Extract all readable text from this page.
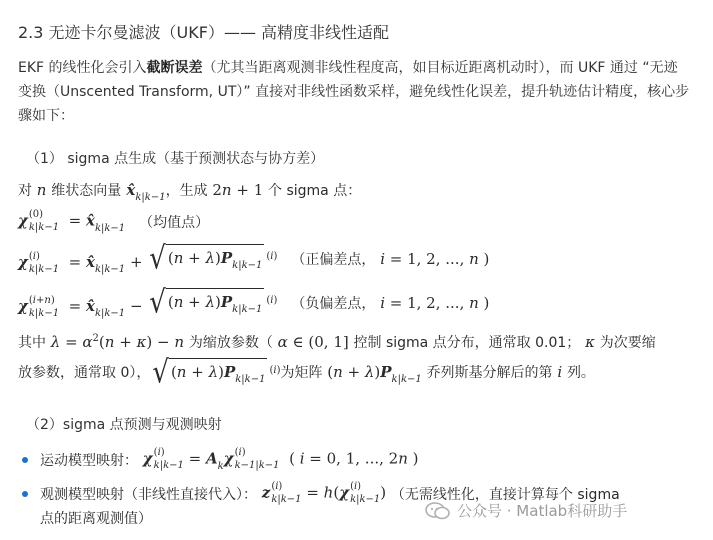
2.3 无迹卡尔曼滤波（UKF）—— 高精度非线性适配
EKF 的线性化会引入截断误差（尤其当距离观测非线性程度高，如目标近距离机动时），而 UKF 通过 “无迹变换（Unscented Transform, UT）” 直接对非线性函数采样，避免线性化误差，提升轨迹估计精度，核心步骤如下：
（1） sigma 点生成（基于预测状态与协方差）
对 n 维状态向量 $x̂_{k|k-1}$ ，生成 2n + 1 个 sigma 点：
χ (0)
$k|k-1 = x̂_{k|k-1}$ （均值点）
χ (i)
$k|k-1 = x̂_{k|k-1}$ + √ $(n + \lambda)P_{k|k-1}$
$^{(i)}$ （正偏差点， i = 1, 2, ..., n )
χ (i+n)
$k|k-1 = x̂_{k|k-1}$ − √ $(n + \lambda)P_{k|k-1}$
$^{(i)}$ （负偏差点， i = 1, 2, ..., n )
其中 $\lambda = \alpha^2(n + \kappa) - n$ 为缩放参数（ α ∈ (0, 1] 控制 sigma 点分布，通常取 0.01； κ 为次要缩
放参数，通常取 0）， √ $(n + \lambda)P_{k|k-1}$
$^{(i)}$ 为矩阵 $(n + \lambda)P_{k|k-1}$ 乔列斯基分解后的第 i 列。
（2）sigma 点预测与观测映射
运动模型映射： χ (i)
$k|k-1 = A_k\chi$ (i)
k−1|k−1 ( i = 0, 1, ..., 2n )
观测模型映射（非线性直接代入）： z (i)
k|k−1 = h(χ (i)
k|k−1 ) （无需线性化，直接计算每个 sigma
点的距离观测值）	公众号 · Matlab科研助手
